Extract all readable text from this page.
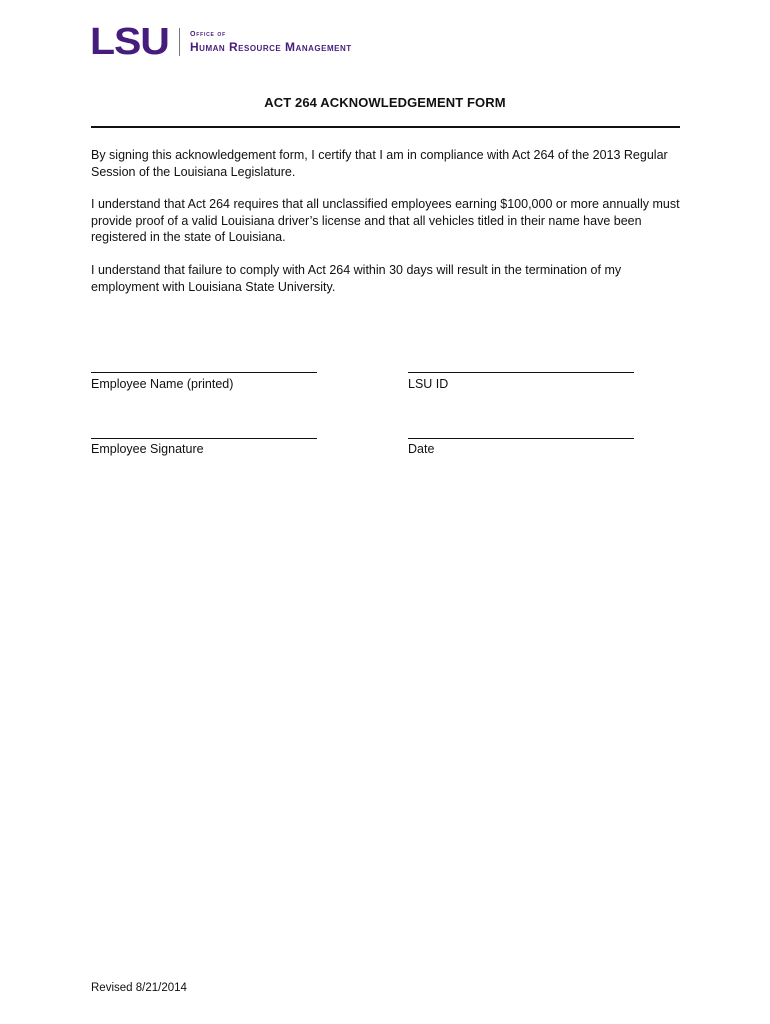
LSU	Office of
Human Resource Management
ACT 264 ACKNOWLEDGEMENT FORM

By signing this acknowledgement form, I certify that I am in compliance with Act 264 of the 2013 Regular Session of the Louisiana Legislature.

I understand that Act 264 requires that all unclassified employees earning $100,000 or more annually must provide proof of a valid Louisiana driver’s license and that all vehicles titled in their name have been registered in the state of Louisiana.

I understand that failure to comply with Act 264 within 30 days will result in the termination of my employment with Louisiana State University.

Employee Name (printed)	LSU ID
Employee Signature	Date
Revised 8/21/2014
